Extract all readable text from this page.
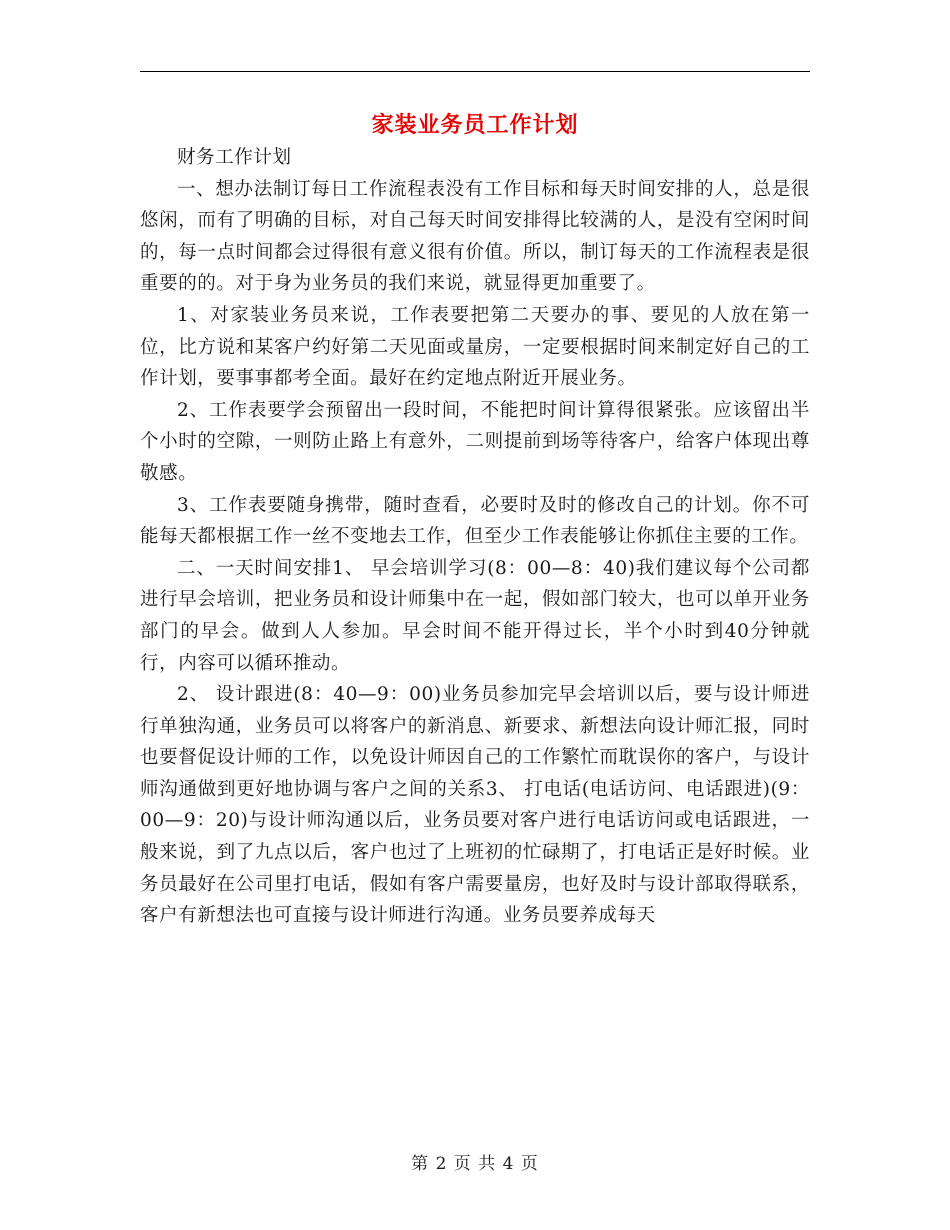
家装业务员工作计划

财务工作计划

一、想办法制订每日工作流程表没有工作目标和每天时间安排的人，总是很悠闲，而有了明确的目标，对自己每天时间安排得比较满的人，是没有空闲时间的，每一点时间都会过得很有意义很有价值。所以，制订每天的工作流程表是很重要的的。对于身为业务员的我们来说，就显得更加重要了。

1、对家装业务员来说，工作表要把第二天要办的事、要见的人放在第一位，比方说和某客户约好第二天见面或量房，一定要根据时间来制定好自己的工作计划，要事事都考全面。最好在约定地点附近开展业务。

2、工作表要学会预留出一段时间，不能把时间计算得很紧张。应该留出半个小时的空隙，一则防止路上有意外，二则提前到场等待客户，给客户体现出尊敬感。

3、工作表要随身携带，随时查看，必要时及时的修改自己的计划。你不可能每天都根据工作一丝不变地去工作，但至少工作表能够让你抓住主要的工作。

二、一天时间安排1、 早会培训学习(8：00—8：40)我们建议每个公司都进行早会培训，把业务员和设计师集中在一起，假如部门较大，也可以单开业务部门的早会。做到人人参加。早会时间不能开得过长，半个小时到40分钟就行，内容可以循环推动。

2、 设计跟进(8：40—9：00)业务员参加完早会培训以后，要与设计师进行单独沟通，业务员可以将客户的新消息、新要求、新想法向设计师汇报，同时也要督促设计师的工作，以免设计师因自己的工作繁忙而耽误你的客户，与设计师沟通做到更好地协调与客户之间的关系3、 打电话(电话访问、电话跟进)(9：00—9：20)与设计师沟通以后，业务员要对客户进行电话访问或电话跟进，一般来说，到了九点以后，客户也过了上班初的忙碌期了，打电话正是好时候。业务员最好在公司里打电话，假如有客户需要量房，也好及时与设计部取得联系，客户有新想法也可直接与设计师进行沟通。业务员要养成每天

第 2 页 共 4 页
